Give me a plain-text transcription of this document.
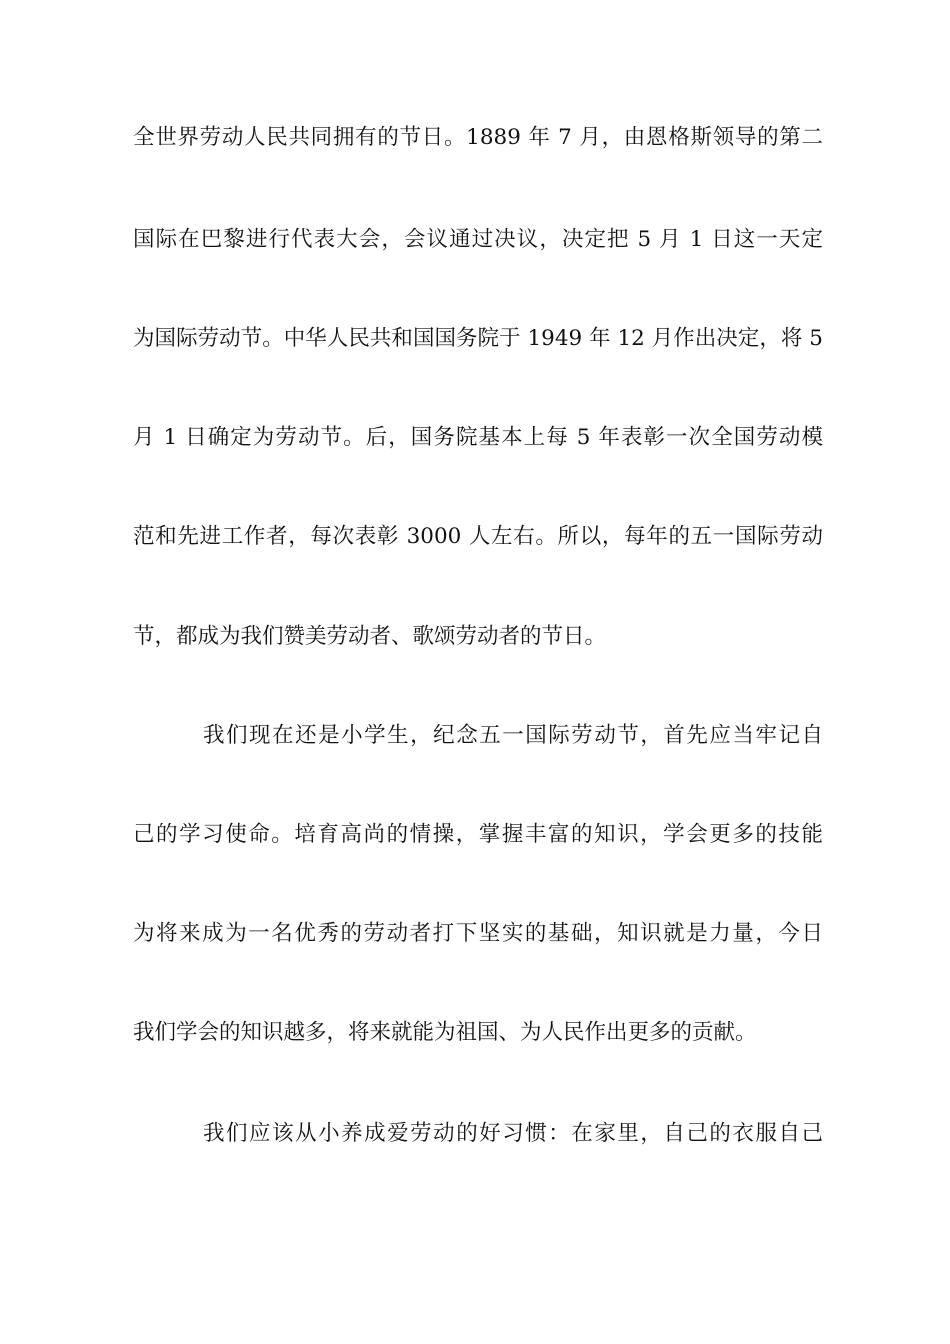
全世界劳动人民共同拥有的节日。1889 年 7 月，由恩格斯领导的第二
国际在巴黎进行代表大会，会议通过决议，决定把 5 月 1 日这一天定
为国际劳动节。中华人民共和国国务院于 1949 年 12 月作出决定，将 5
月 1 日确定为劳动节。后，国务院基本上每 5 年表彰一次全国劳动模
范和先进工作者，每次表彰 3000 人左右。所以，每年的五一国际劳动
节，都成为我们赞美劳动者、歌颂劳动者的节日。
我们现在还是小学生，纪念五一国际劳动节，首先应当牢记自
己的学习使命。培育高尚的情操，掌握丰富的知识，学会更多的技能
为将来成为一名优秀的劳动者打下坚实的基础，知识就是力量，今日
我们学会的知识越多，将来就能为祖国、为人民作出更多的贡献。
我们应该从小养成爱劳动的好习惯：在家里，自己的衣服自己
